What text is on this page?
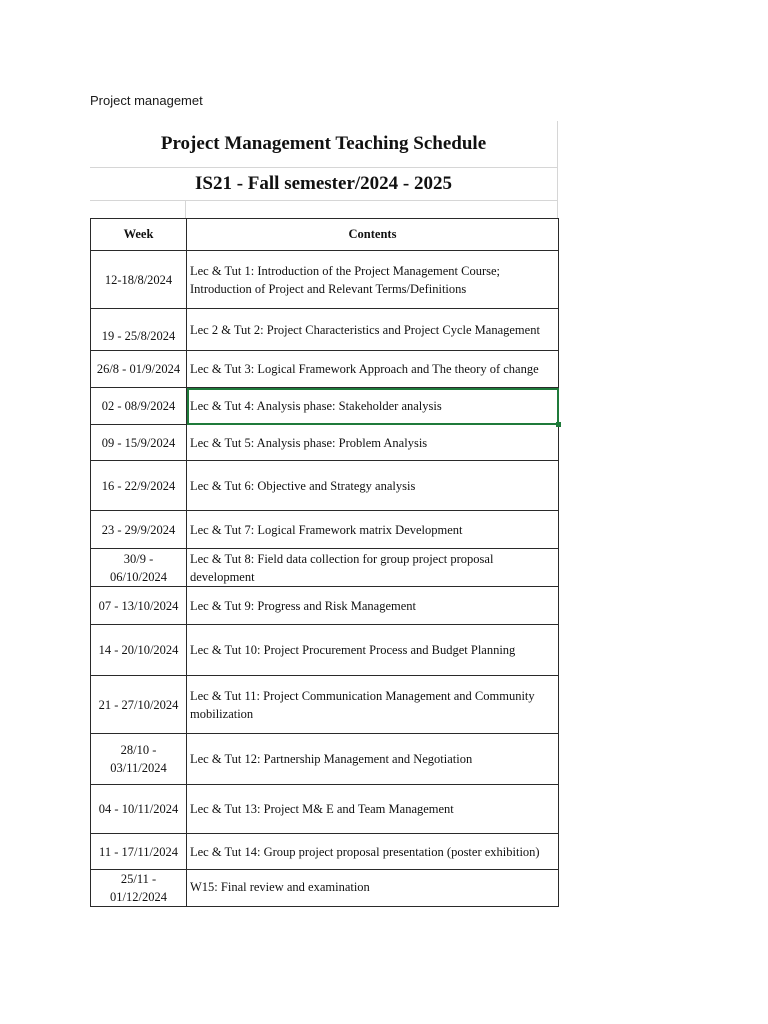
Project managemet
Project Management Teaching Schedule
IS21 - Fall semester/2024 - 2025
Week	Contents
12-18/8/2024	Lec & Tut 1: Introduction of the Project Management Course; Introduction of Project and Relevant Terms/Definitions
19 - 25/8/2024	Lec 2 & Tut 2: Project Characteristics and Project Cycle Management
26/8 - 01/9/2024	Lec & Tut 3: Logical Framework Approach and The theory of change
02 - 08/9/2024	Lec & Tut 4: Analysis phase: Stakeholder analysis

09 - 15/9/2024	Lec & Tut 5: Analysis phase: Problem Analysis
16 - 22/9/2024	Lec & Tut 6: Objective and Strategy analysis
23 - 29/9/2024	Lec & Tut 7: Logical Framework matrix Development
30/9 - 06/10/2024	Lec & Tut 8: Field data collection for group project proposal development
07 - 13/10/2024	Lec & Tut 9: Progress and Risk Management
14 - 20/10/2024	Lec & Tut 10: Project Procurement Process and Budget Planning
21 - 27/10/2024	Lec & Tut 11: Project Communication Management and Community mobilization
28/10 - 03/11/2024	Lec & Tut 12: Partnership Management and Negotiation
04 - 10/11/2024	Lec & Tut 13: Project M& E and Team Management
11 - 17/11/2024	Lec & Tut 14: Group project proposal presentation (poster exhibition)
25/11 - 01/12/2024	W15: Final review and examination
